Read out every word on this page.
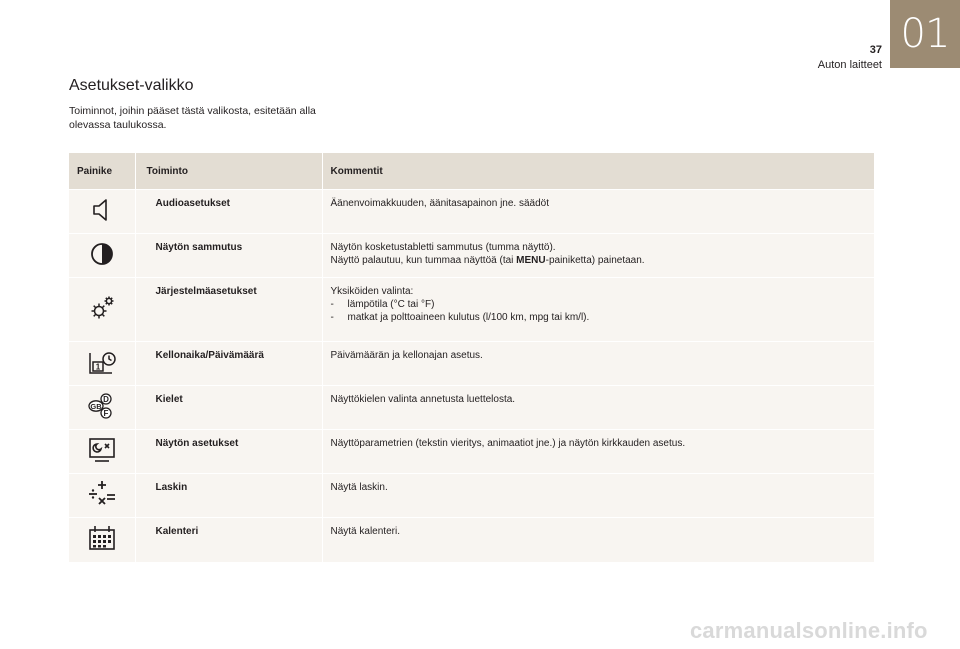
01
37
Auton laitteet
Asetukset-valikko

Toiminnot, joihin pääset tästä valikosta, esitetään alla olevassa taulukossa.

Painike	Toiminto	Kommentit

	Audioasetukset	Äänenvoimakkuuden, äänitasapainon jne. säädöt

	Näytön sammutus	Näytön kosketustabletti sammutus (tumma näyttö).
Näyttö palautuu, kun tummaa näyttöä (tai MENU-painiketta) painetaan.

	Järjestelmäasetukset	Yksiköiden valinta:
- lämpötila (°C tai °F)
- matkat ja polttoaineen kulutus (l/100 km, mpg tai km/l).

1	Kellonaika/Päivämäärä	Päivämäärän ja kellonajan asetus.

D
F
GB	Kielet	Näyttökielen valinta annetusta luettelosta.

	Näytön asetukset	Näyttöparametrien (tekstin vieritys, animaatiot jne.) ja näytön kirkkauden asetus.

	Laskin	Näytä laskin.

	Kalenteri	Näytä kalenteri.
carmanualsonline.info
